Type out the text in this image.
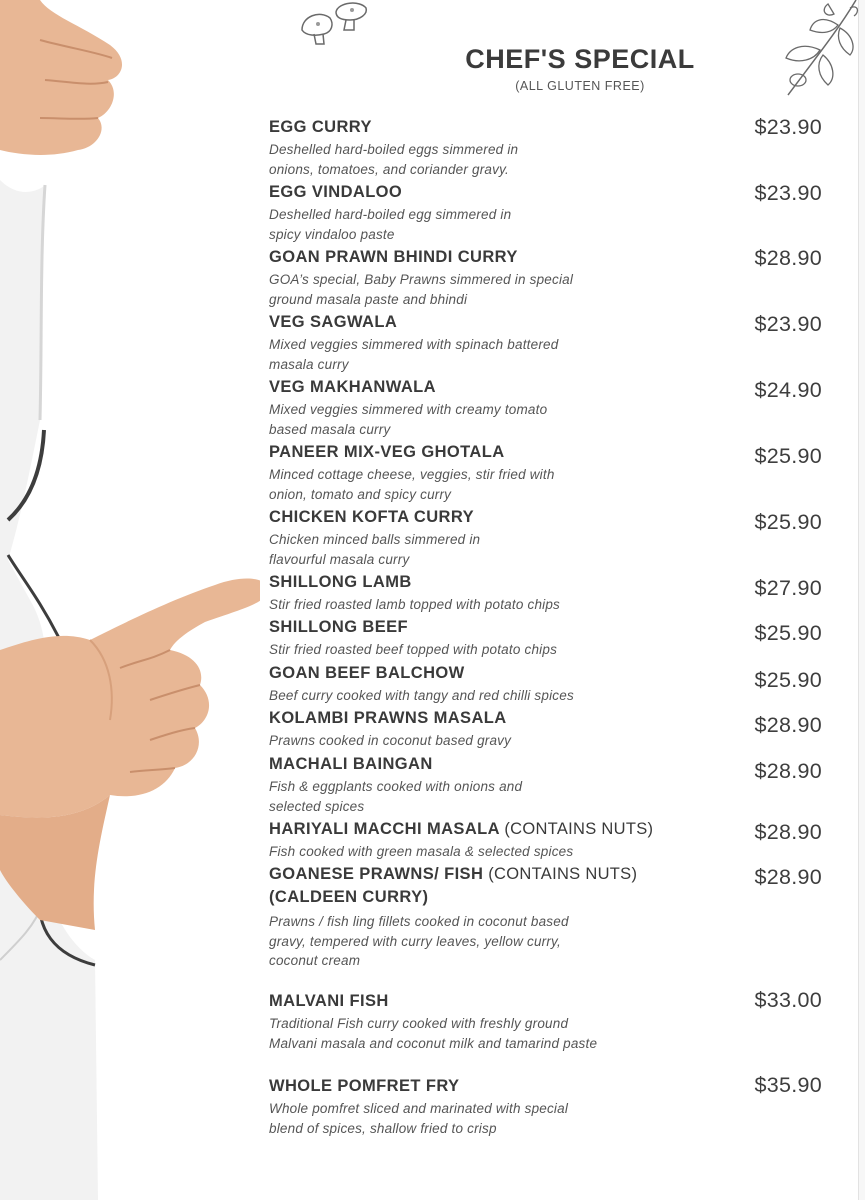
CHEF'S SPECIAL
(ALL GLUTEN FREE)
EGG CURRY
Deshelled hard-boiled eggs simmered in
onions, tomatoes, and coriander gravy.
$23.90
EGG VINDALOO
Deshelled hard-boiled egg simmered in
spicy vindaloo paste
$23.90
GOAN PRAWN BHINDI CURRY
GOA’s special, Baby Prawns simmered in special
ground masala paste and bhindi
$28.90
VEG SAGWALA
Mixed veggies simmered with spinach battered
masala curry
$23.90
VEG MAKHANWALA
Mixed veggies simmered with creamy tomato
based masala curry
$24.90
PANEER MIX-VEG GHOTALA
Minced cottage cheese, veggies, stir fried with
onion, tomato and spicy curry
$25.90
CHICKEN KOFTA CURRY
Chicken minced balls simmered in
flavourful masala curry
$25.90
SHILLONG LAMB
Stir fried roasted lamb topped with potato chips
$27.90
SHILLONG BEEF
Stir fried roasted beef topped with potato chips
$25.90
GOAN BEEF BALCHOW
Beef curry cooked with tangy and red chilli spices
$25.90
KOLAMBI PRAWNS MASALA
Prawns cooked in coconut based gravy
$28.90
MACHALI BAINGAN
Fish & eggplants cooked with onions and
selected spices
$28.90
HARIYALI MACCHI MASALA (CONTAINS NUTS)
Fish cooked with green masala & selected spices
$28.90
GOANESE PRAWNS/ FISH (CONTAINS NUTS)
(CALDEEN CURRY)
Prawns / fish ling fillets cooked in coconut based
gravy, tempered with curry leaves, yellow curry,
coconut cream
$28.90
MALVANI FISH
Traditional Fish curry cooked with freshly ground
Malvani masala and coconut milk and tamarind paste
$33.00
WHOLE POMFRET FRY
Whole pomfret sliced and marinated with special
blend of spices, shallow fried to crisp
$35.90
